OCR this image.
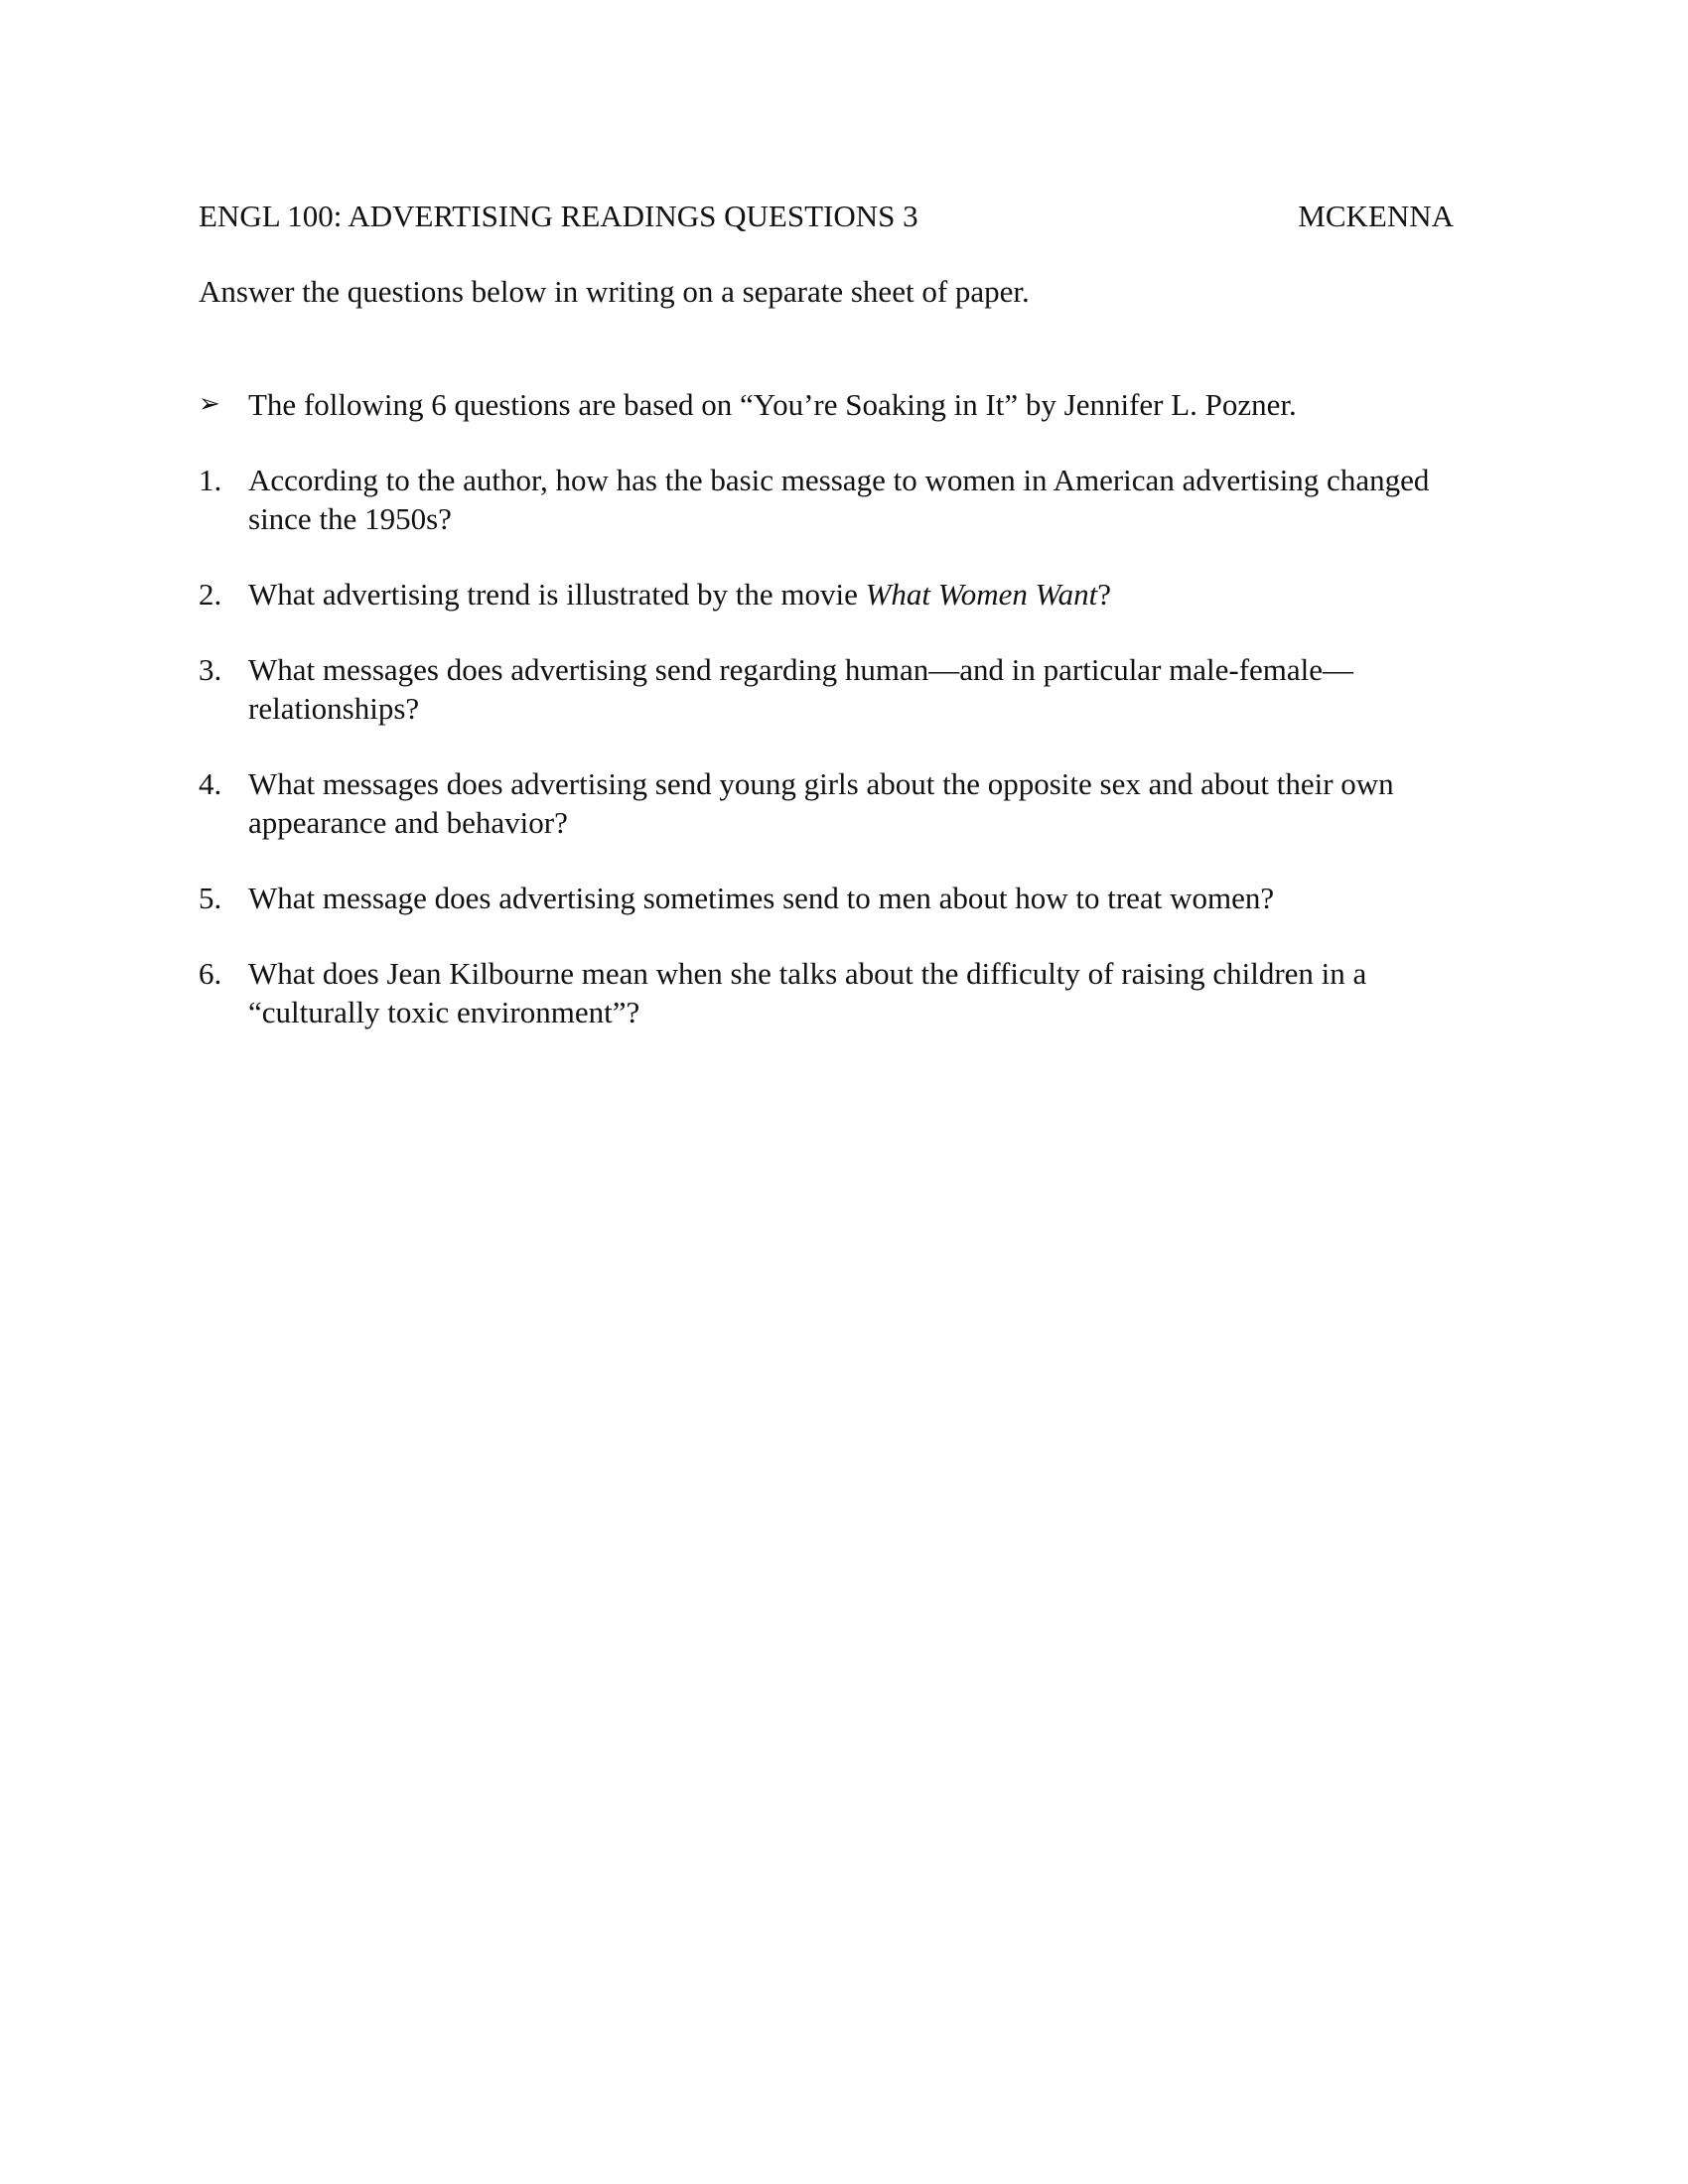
ENGL 100: ADVERTISING READINGS QUESTIONS 3	MCKENNA
Answer the questions below in writing on a separate sheet of paper.
➢ The following 6 questions are based on “You’re Soaking in It” by Jennifer L. Pozner.
1. According to the author, how has the basic message to women in American advertising changed since the 1950s?
2. What advertising trend is illustrated by the movie What Women Want?
3. What messages does advertising send regarding human—and in particular male-female—relationships?
4. What messages does advertising send young girls about the opposite sex and about their own appearance and behavior?
5. What message does advertising sometimes send to men about how to treat women?
6. What does Jean Kilbourne mean when she talks about the difficulty of raising children in a “culturally toxic environment”?
